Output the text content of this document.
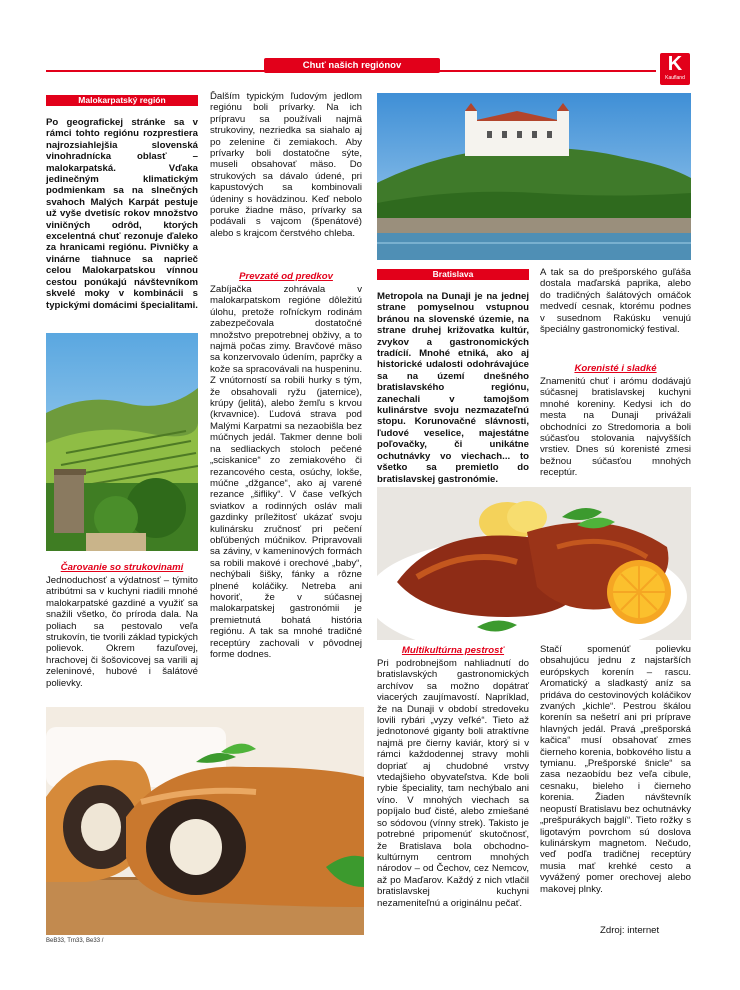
Chuť našich regiónov	K
Kaufland
Malokarpatský región

Po geografickej stránke sa v rámci tohto regiónu rozprestiera najrozsiahlejšia slovenská vinohradnícka oblasť – malokarpatská. Vďaka jedinečným klimatickým podmienkam sa na slnečných svahoch Malých Karpát pestuje už vyše dvetisíc rokov množstvo viničných odrôd, ktorých excelentná chuť rezonuje ďaleko za hranicami regiónu. Pivničky a vinárne tiahnuce sa naprieč celou Malokarpatskou vínnou cestou ponúkajú návštevníkom skvelé moky v kombinácii s typickými domácimi špecialitami.

Čarovanie so strukovinami

Jednoduchosť a výdatnosť – týmito atribútmi sa v kuchyni riadili mnohé malokarpatské gazdiné a využiť sa snažili všetko, čo príroda dala. Na poliach sa pestovalo veľa strukovín, tie tvorili základ typických polievok. Okrem fazuľovej, hrachovej či šošovicovej sa varili aj zeleninové, hubové i šalátové polievky.

Ďalším typickým ľudovým jedlom regiónu boli prívarky. Na ich prípravu sa používali najmä strukoviny, nezriedka sa siahalo aj po zelenine či zemiakoch. Aby prívarky boli dostatočne sýte, museli obsahovať mäso. Do strukových sa dávalo údené, pri kapustových sa kombinovali údeniny s hovädzinou. Keď nebolo poruke žiadne mäso, prívarky sa podávali s vajcom (špenátové) alebo s krajcom čerstvého chleba.

Prevzaté od predkov

Zabíjačka zohrávala v malokarpatskom regióne dôležitú úlohu, pretože roľníckym rodinám zabezpečovala dostatočné množstvo prepotrebnej obživy, a to najmä počas zimy. Bravčové mäso sa konzervovalo údením, paprčky a kože sa spracovávali na huspeninu. Z vnútorností sa robili hurky s tým, že obsahovali ryžu (jaternice), krúpy (jelitá), alebo žemľu s krvou (krvavnice). Ľudová strava pod Malými Karpatmi sa nezaobišla bez múčnych jedál. Takmer denne boli na sedliackych stoloch pečené „sciskanice“ zo zemiakového či rezancového cesta, osúchy, lokše, múčne „džgance“, ako aj varené rezance „šifliky“. V čase veľkých sviatkov a rodinných osláv mali gazdinky príležitosť ukázať svoju kulinársku zručnosť pri pečení obľúbených múčnikov. Pripravovali sa záviny, v kameninových formách sa robili makové i orechové „baby“, nechýbali šišky, fánky a rôzne plnené koláčiky. Netreba ani hovoriť, že v súčasnej malokarpatskej gastronómii je premietnutá bohatá história regiónu. A tak sa mnohé tradičné receptúry zachovali v pôvodnej forme dodnes.

Bratislava

Metropola na Dunaji je na jednej strane pomyselnou vstupnou bránou na slovenské územie, na strane druhej križovatka kultúr, zvykov a gastronomických tradícií. Mnohé etniká, ako aj historické udalosti odohrávajúce sa na území dnešného bratislavského regiónu, zanechali v tamojšom kulinárstve svoju nezmazateľnú stopu. Korunovačné slávnosti, ľudové veselice, majestátne poľovačky, či unikátne ochutnávky vo viechach... to všetko sa premietlo do bratislavskej gastronómie.

Multikultúrna pestrosť

Pri podrobnejšom nahliadnutí do bratislavských gastronomických archívov sa možno dopátrať viacerých zaujímavostí. Napríklad, že na Dunaji v období stredoveku lovili rybári „vyzy veľké“. Tieto až jednotonové giganty boli atraktívne najmä pre čierny kaviár, ktorý si v rámci každodennej stravy mohli dopriať aj chudobné vrstvy vtedajšieho obyvateľstva. Kde boli rybie špeciality, tam nechýbalo ani víno. V mnohých viechach sa popíjalo buď čisté, alebo zmiešané so sódovou (vínny strek). Takisto je potrebné pripomenúť skutočnosť, že Bratislava bola obchodno-kultúrnym centrom mnohých národov – od Čechov, cez Nemcov, až po Maďarov. Každý z nich vtlačil bratislavskej kuchyni nezameniteľnú a originálnu pečať.

A tak sa do prešporského guľáša dostala maďarská paprika, alebo do tradičných šalátových omáčok medvedí cesnak, ktorému podnes v susednom Rakúsku venujú špeciálny gastronomický festival.

Korenisté i sladké

Znamenitú chuť i arómu dodávajú súčasnej bratislavskej kuchyni mnohé koreniny. Kedysi ich do mesta na Dunaji privážali obchodníci zo Stredomoria a boli súčasťou stolovania najvyšších vrstiev. Dnes sú korenisté zmesi bežnou súčasťou mnohých receptúr.

Stačí spomenúť polievku obsahujúcu jednu z najstarších európskych korenín – rascu. Aromatický a sladkastý aníz sa pridáva do cestovinových koláčikov zvaných „kichle“. Pestrou škálou korenín sa nešetrí ani pri príprave hlavných jedál. Pravá „prešporská kačica“ musí obsahovať zmes čierneho korenia, bobkového listu a tymianu. „Prešporské šnicle“ sa zasa nezaobídu bez veľa cibule, cesnaku, bieleho i čierneho korenia. Žiaden návštevník neopustí Bratislavu bez ochutnávky „prešpurákych bajglí“. Tieto rožky s ligotavým povrchom sú doslova kulinárskym magnetom. Nečudo, veď podľa tradičnej receptúry musia mať krehké cesto a vyvážený pomer orechovej alebo makovej plnky.

Zdroj: internet
BeB33, Trn33, Be33 /
